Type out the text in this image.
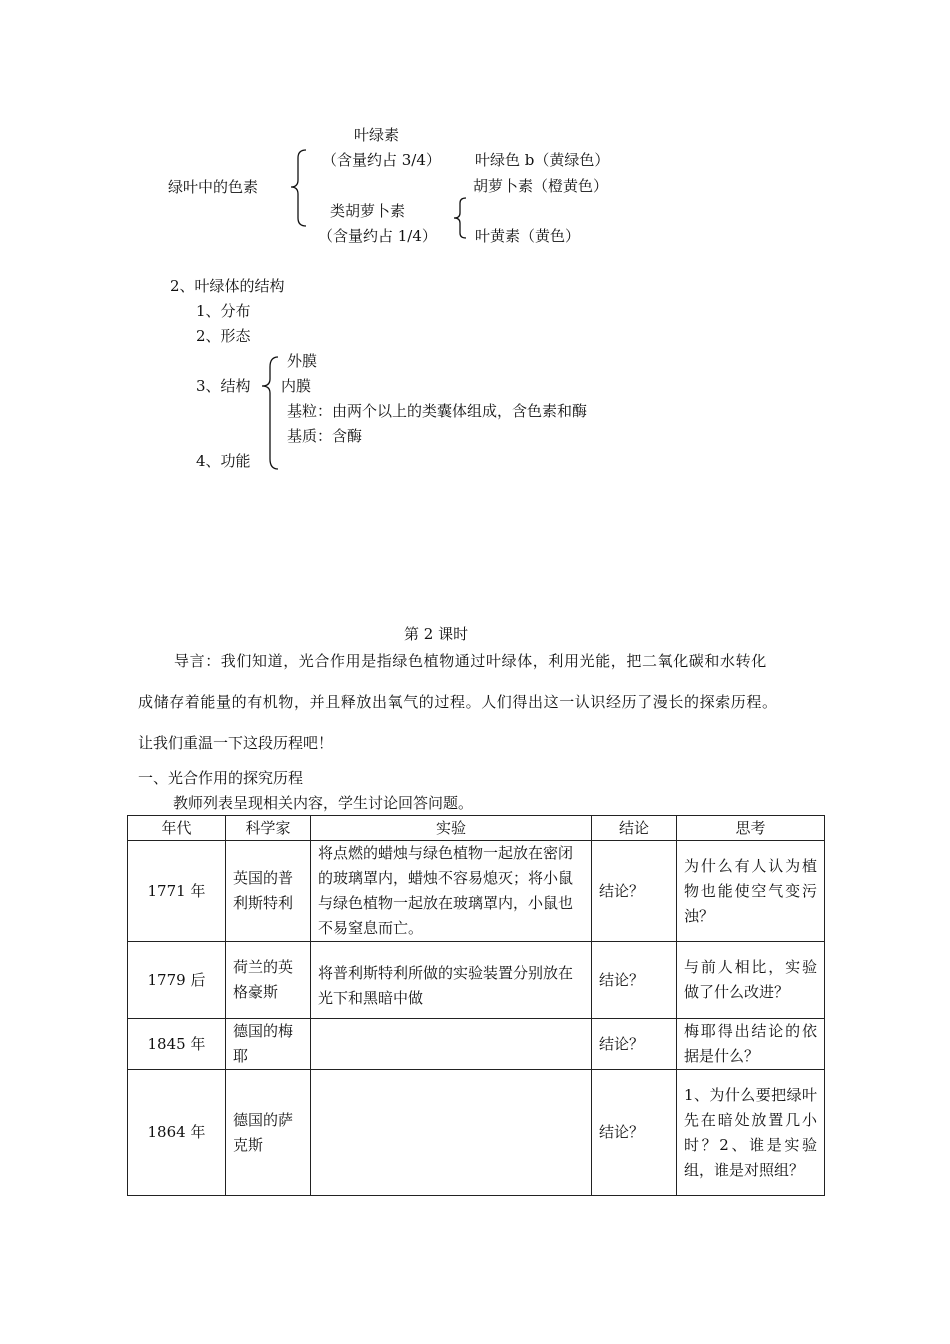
叶绿素
（含量约占 3/4） 叶绿色 b（黄绿色）
绿叶中的色素	胡萝卜素（橙黄色）
类胡萝卜素
（含量约占 1/4）	叶黄素（黄色）
2、叶绿体的结构
1、分布
2、形态
3、结构
4、功能
外膜
内膜
基粒：由两个以上的类囊体组成，含色素和酶
基质：含酶
第 2 课时
导言：我们知道，光合作用是指绿色植物通过叶绿体，利用光能，把二氧化碳和水转化
成储存着能量的有机物，并且释放出氧气的过程。人们得出这一认识经历了漫长的探索历程。
让我们重温一下这段历程吧！
一、光合作用的探究历程
教师列表呈现相关内容，学生讨论回答问题。
年代	科学家	实验	结论	思考
1771 年	英国的普利斯特利	将点燃的蜡烛与绿色植物一起放在密闭的玻璃罩内，蜡烛不容易熄灭；将小鼠与绿色植物一起放在玻璃罩内，小鼠也不易窒息而亡。	结论？	为什么有人认为植物也能使空气变污浊？
1779 后	荷兰的英格豪斯	将普利斯特利所做的实验装置分别放在光下和黑暗中做	结论？	与前人相比，实验做了什么改进？
1845 年	德国的梅耶		结论？	梅耶得出结论的依据是什么？
1864 年	德国的萨克斯		结论？	1、为什么要把绿叶先在暗处放置几小时？2、谁是实验组，谁是对照组？
